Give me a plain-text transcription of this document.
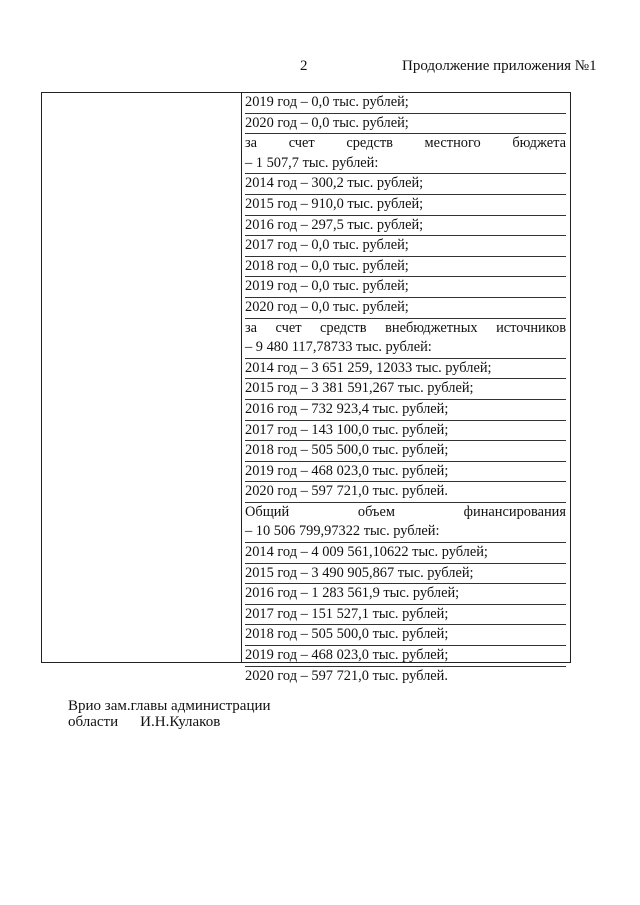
2	Продолжение приложения №1
2019 год – 0,0 тыс. рублей;
2020 год – 0,0 тыс. рублей;
за счет средств местного бюджета
– 1 507,7 тыс. рублей:
2014 год – 300,2 тыс. рублей;
2015 год – 910,0 тыс. рублей;
2016 год – 297,5 тыс. рублей;
2017 год – 0,0 тыс. рублей;
2018 год – 0,0 тыс. рублей;
2019 год – 0,0 тыс. рублей;
2020 год – 0,0 тыс. рублей;
за счет средств внебюджетных источников
– 9 480 117,78733 тыс. рублей:
2014 год – 3 651 259, 12033 тыс. рублей;
2015 год – 3 381 591,267 тыс. рублей;
2016 год – 732 923,4 тыс. рублей;
2017 год – 143 100,0 тыс. рублей;
2018 год – 505 500,0 тыс. рублей;
2019 год – 468 023,0 тыс. рублей;
2020 год – 597 721,0 тыс. рублей.
Общий	объем	финансирования
– 10 506 799,97322 тыс. рублей:
2014 год – 4 009 561,10622 тыс. рублей;
2015 год – 3 490 905,867 тыс. рублей;
2016 год – 1 283 561,9 тыс. рублей;
2017 год – 151 527,1 тыс. рублей;
2018 год – 505 500,0 тыс. рублей;
2019 год – 468 023,0 тыс. рублей;
2020 год – 597 721,0 тыс. рублей.
Врио зам.главы администрации
области И.Н.Кулаков
